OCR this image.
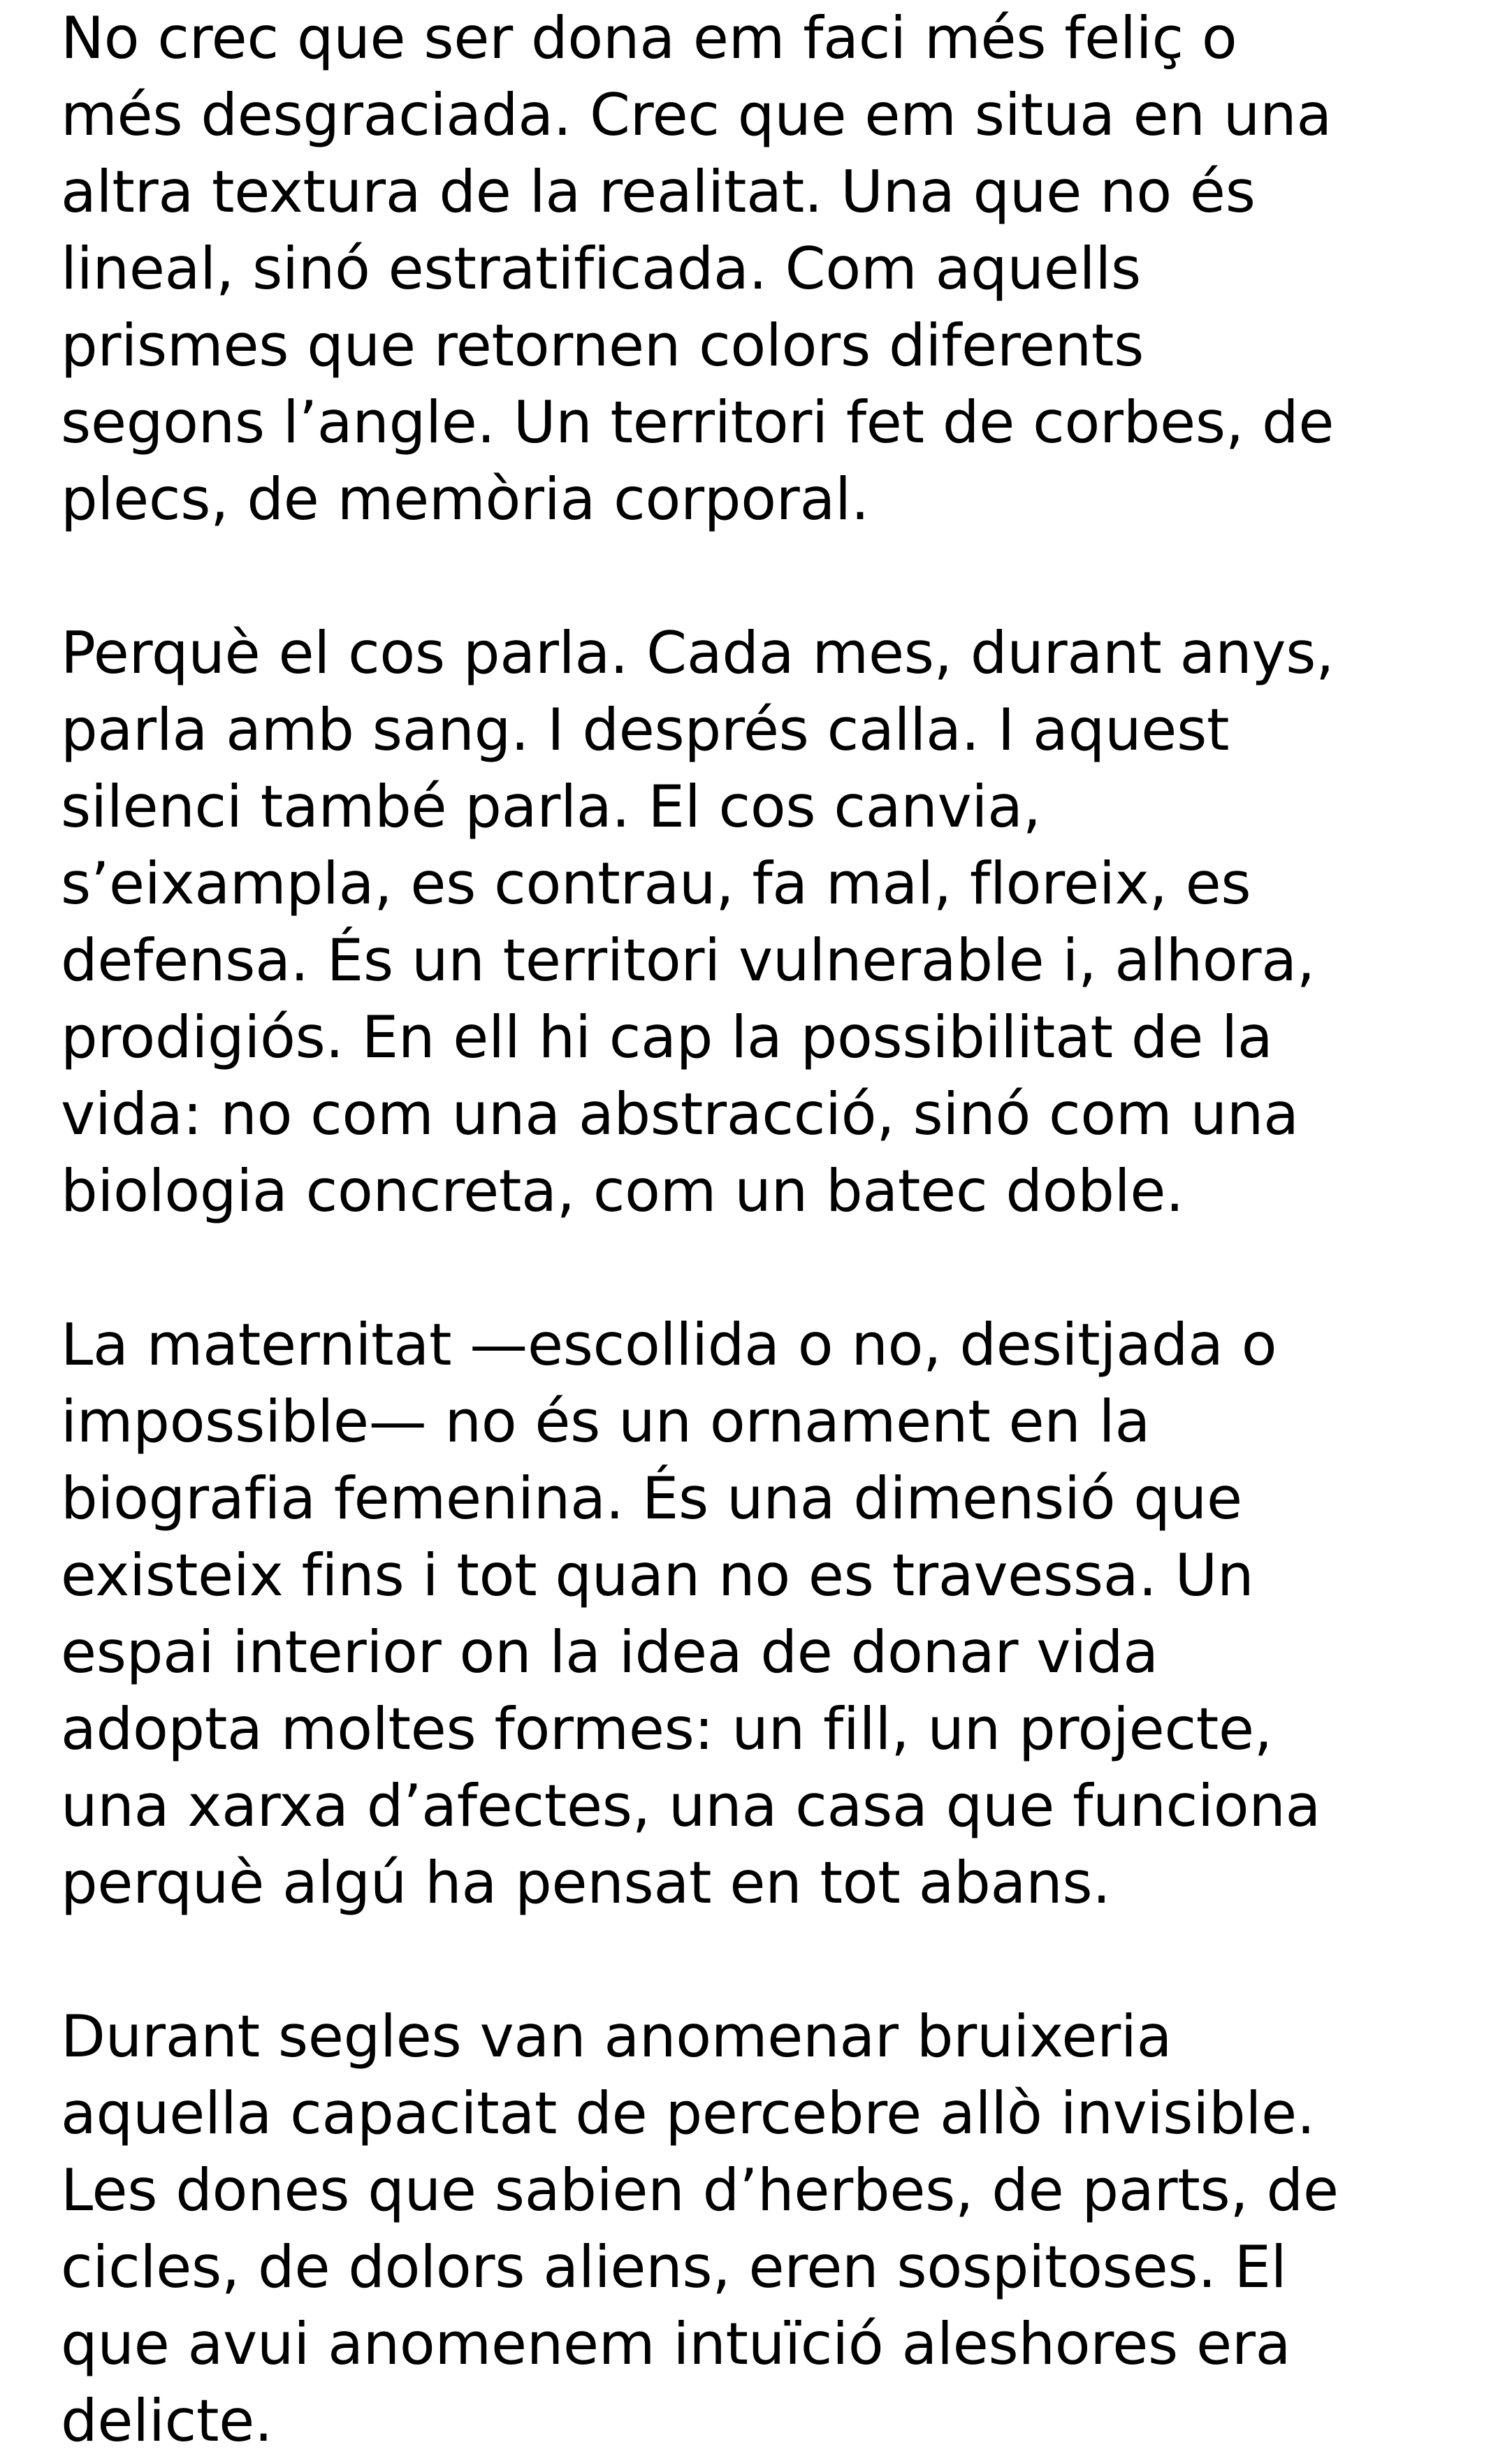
No crec que ser dona em faci més feliç o
més desgraciada. Crec que em situa en una
altra textura de la realitat. Una que no és
lineal, sinó estratificada. Com aquells
prismes que retornen colors diferents
segons l’angle. Un territori fet de corbes, de
plecs, de memòria corporal.
Perquè el cos parla. Cada mes, durant anys,
parla amb sang. I després calla. I aquest
silenci també parla. El cos canvia,
s’eixampla, es contrau, fa mal, floreix, es
defensa. És un territori vulnerable i, alhora,
prodigiós. En ell hi cap la possibilitat de la
vida: no com una abstracció, sinó com una
biologia concreta, com un batec doble.
La maternitat —escollida o no, desitjada o
impossible— no és un ornament en la
biografia femenina. És una dimensió que
existeix fins i tot quan no es travessa. Un
espai interior on la idea de donar vida
adopta moltes formes: un fill, un projecte,
una xarxa d’afectes, una casa que funciona
perquè algú ha pensat en tot abans.
Durant segles van anomenar bruixeria
aquella capacitat de percebre allò invisible.
Les dones que sabien d’herbes, de parts, de
cicles, de dolors aliens, eren sospitoses. El
que avui anomenem intuïció aleshores era
delicte.
